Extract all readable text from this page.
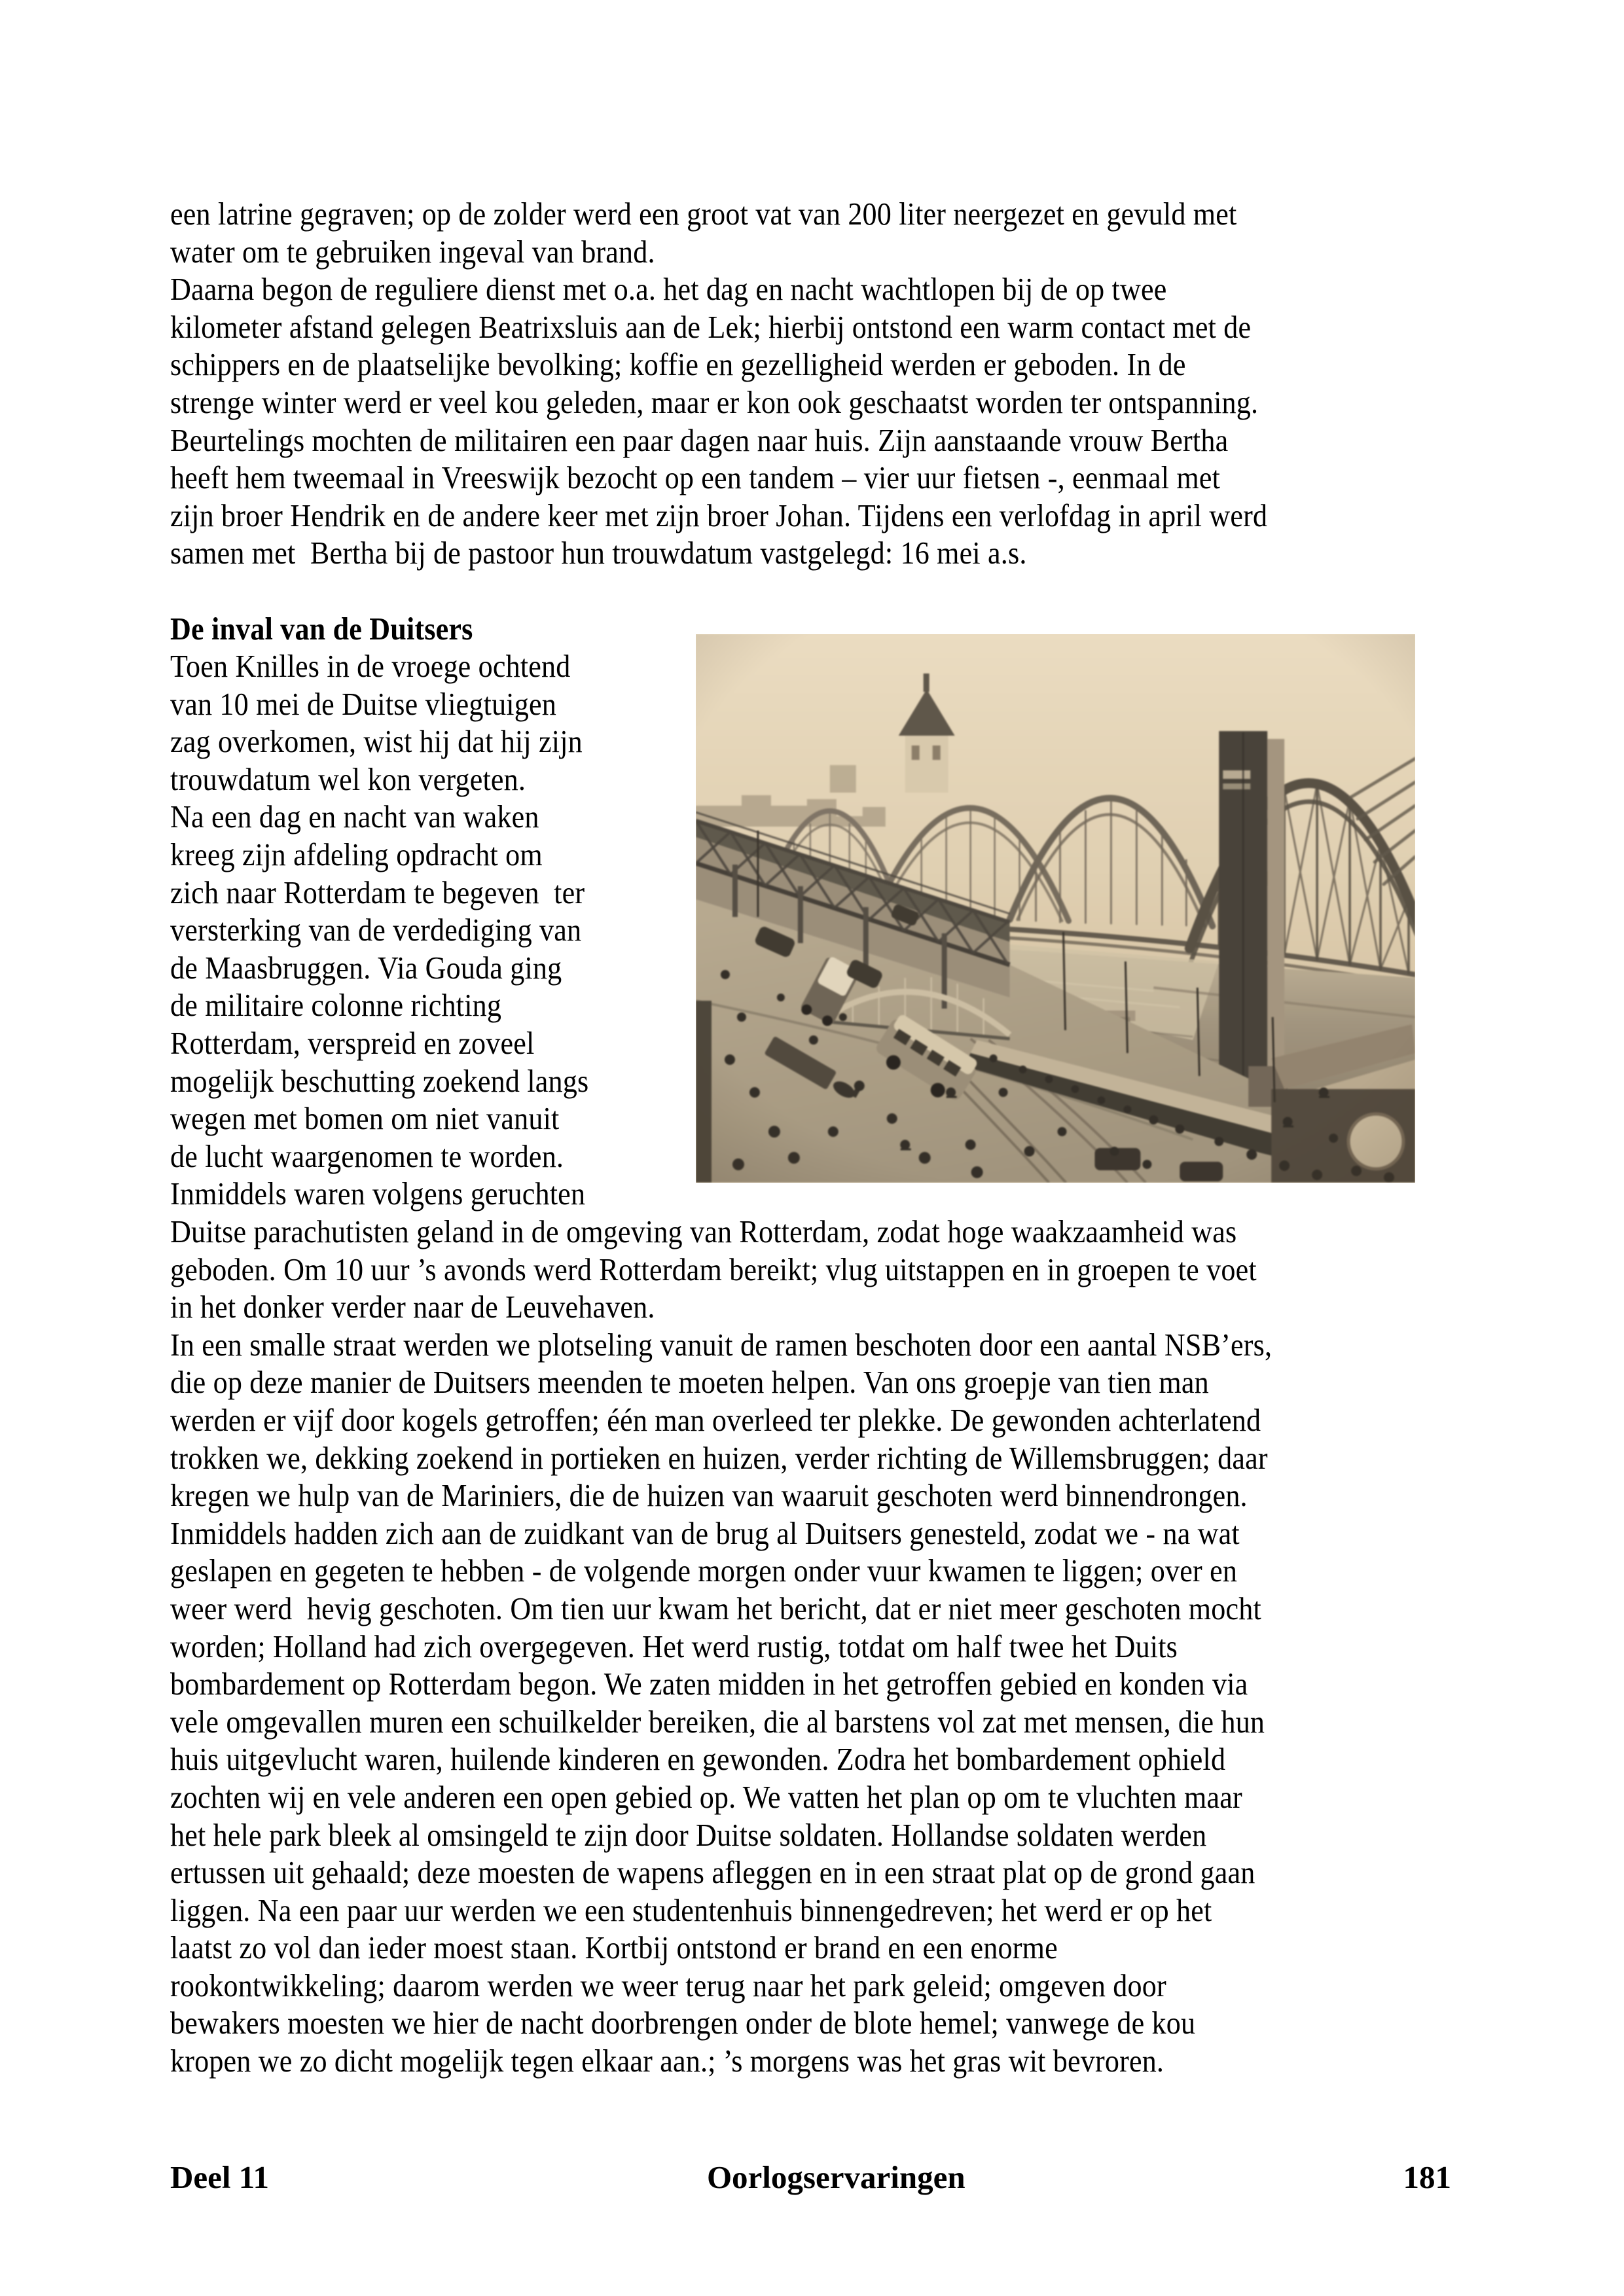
een latrine gegraven; op de zolder werd een groot vat van 200 liter neergezet en gevuld met
water om te gebruiken ingeval van brand.
Daarna begon de reguliere dienst met o.a. het dag en nacht wachtlopen bij de op twee
kilometer afstand gelegen Beatrixsluis aan de Lek; hierbij ontstond een warm contact met de
schippers en de plaatselijke bevolking; koffie en gezelligheid werden er geboden. In de
strenge winter werd er veel kou geleden, maar er kon ook geschaatst worden ter ontspanning.
Beurtelings mochten de militairen een paar dagen naar huis. Zijn aanstaande vrouw Bertha
heeft hem tweemaal in Vreeswijk bezocht op een tandem – vier uur fietsen -, eenmaal met
zijn broer Hendrik en de andere keer met zijn broer Johan. Tijdens een verlofdag in april werd
samen met  Bertha bij de pastoor hun trouwdatum vastgelegd: 16 mei a.s.
De inval van de Duitsers
Toen Knilles in de vroege ochtend
van 10 mei de Duitse vliegtuigen
zag overkomen, wist hij dat hij zijn
trouwdatum wel kon vergeten.
Na een dag en nacht van waken
kreeg zijn afdeling opdracht om
zich naar Rotterdam te begeven  ter
versterking van de verdediging van
de Maasbruggen. Via Gouda ging
de militaire colonne richting
Rotterdam, verspreid en zoveel
mogelijk beschutting zoekend langs
wegen met bomen om niet vanuit
de lucht waargenomen te worden.
Inmiddels waren volgens geruchten
Duitse parachutisten geland in de omgeving van Rotterdam, zodat hoge waakzaamheid was
geboden. Om 10 uur ’s avonds werd Rotterdam bereikt; vlug uitstappen en in groepen te voet
in het donker verder naar de Leuvehaven.
In een smalle straat werden we plotseling vanuit de ramen beschoten door een aantal NSB’ers,
die op deze manier de Duitsers meenden te moeten helpen. Van ons groepje van tien man
werden er vijf door kogels getroffen; één man overleed ter plekke. De gewonden achterlatend
trokken we, dekking zoekend in portieken en huizen, verder richting de Willemsbruggen; daar
kregen we hulp van de Mariniers, die de huizen van waaruit geschoten werd binnendrongen.
Inmiddels hadden zich aan de zuidkant van de brug al Duitsers genesteld, zodat we - na wat
geslapen en gegeten te hebben - de volgende morgen onder vuur kwamen te liggen; over en
weer werd  hevig geschoten. Om tien uur kwam het bericht, dat er niet meer geschoten mocht
worden; Holland had zich overgegeven. Het werd rustig, totdat om half twee het Duits
bombardement op Rotterdam begon. We zaten midden in het getroffen gebied en konden via
vele omgevallen muren een schuilkelder bereiken, die al barstens vol zat met mensen, die hun
huis uitgevlucht waren, huilende kinderen en gewonden. Zodra het bombardement ophield
zochten wij en vele anderen een open gebied op. We vatten het plan op om te vluchten maar
het hele park bleek al omsingeld te zijn door Duitse soldaten. Hollandse soldaten werden
ertussen uit gehaald; deze moesten de wapens afleggen en in een straat plat op de grond gaan
liggen. Na een paar uur werden we een studentenhuis binnengedreven; het werd er op het
laatst zo vol dan ieder moest staan. Kortbij ontstond er brand en een enorme
rookontwikkeling; daarom werden we weer terug naar het park geleid; omgeven door
bewakers moesten we hier de nacht doorbrengen onder de blote hemel; vanwege de kou
kropen we zo dicht mogelijk tegen elkaar aan.; ’s morgens was het gras wit bevroren.
Deel 11	Oorlogservaringen	181
